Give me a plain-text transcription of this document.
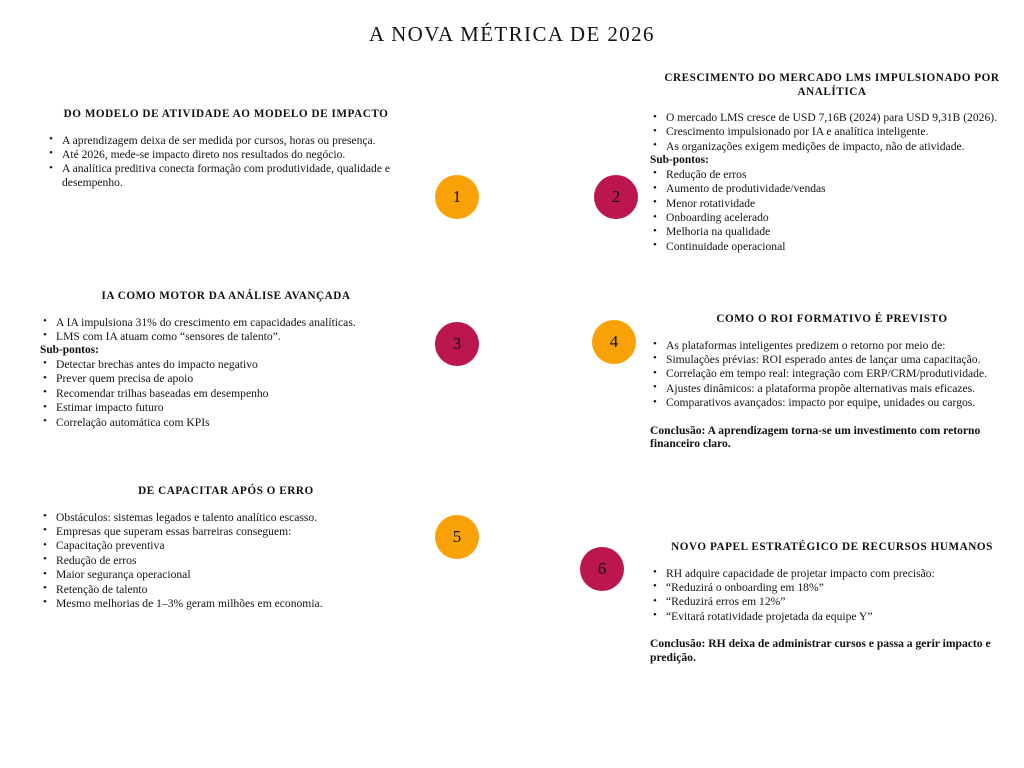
A NOVA MÉTRICA DE 2026
DO MODELO DE ATIVIDADE AO MODELO DE IMPACTO
• A aprendizagem deixa de ser medida por cursos, horas ou presença.
• Até 2026, mede-se impacto direto nos resultados do negócio.
• A analítica preditiva conecta formação com produtividade, qualidade e desempenho.
CRESCIMENTO DO MERCADO LMS IMPULSIONADO POR ANALÍTICA
• O mercado LMS cresce de USD 7,16B (2024) para USD 9,31B (2026).
• Crescimento impulsionado por IA e analítica inteligente.
• As organizações exigem medições de impacto, não de atividade.
Sub-pontos:
• Redução de erros
• Aumento de produtividade/vendas
• Menor rotatividade
• Onboarding acelerado
• Melhoria na qualidade
• Continuidade operacional
IA COMO MOTOR DA ANÁLISE AVANÇADA
• A IA impulsiona 31% do crescimento em capacidades analíticas.
• LMS com IA atuam como “sensores de talento”.
Sub-pontos:
• Detectar brechas antes do impacto negativo
• Prever quem precisa de apoio
• Recomendar trilhas baseadas em desempenho
• Estimar impacto futuro
• Correlação automática com KPIs
COMO O ROI FORMATIVO É PREVISTO
• As plataformas inteligentes predizem o retorno por meio de:
• Simulações prévias: ROI esperado antes de lançar uma capacitação.
• Correlação em tempo real: integração com ERP/CRM/produtividade.
• Ajustes dinâmicos: a plataforma propõe alternativas mais eficazes.
• Comparativos avançados: impacto por equipe, unidades ou cargos.
Conclusão: A aprendizagem torna-se um investimento com retorno financeiro claro.
DE CAPACITAR APÓS O ERRO
• Obstáculos: sistemas legados e talento analítico escasso.
• Empresas que superam essas barreiras conseguem:
• Capacitação preventiva
• Redução de erros
• Maior segurança operacional
• Retenção de talento
• Mesmo melhorias de 1–3% geram milhões em economia.
NOVO PAPEL ESTRATÉGICO DE RECURSOS HUMANOS
• RH adquire capacidade de projetar impacto com precisão:
• “Reduzirá o onboarding em 18%”
• “Reduzirá erros em 12%”
• “Evitará rotatividade projetada da equipe Y”
Conclusão: RH deixa de administrar cursos e passa a gerir impacto e predição.
1	2
3	4
5
6
